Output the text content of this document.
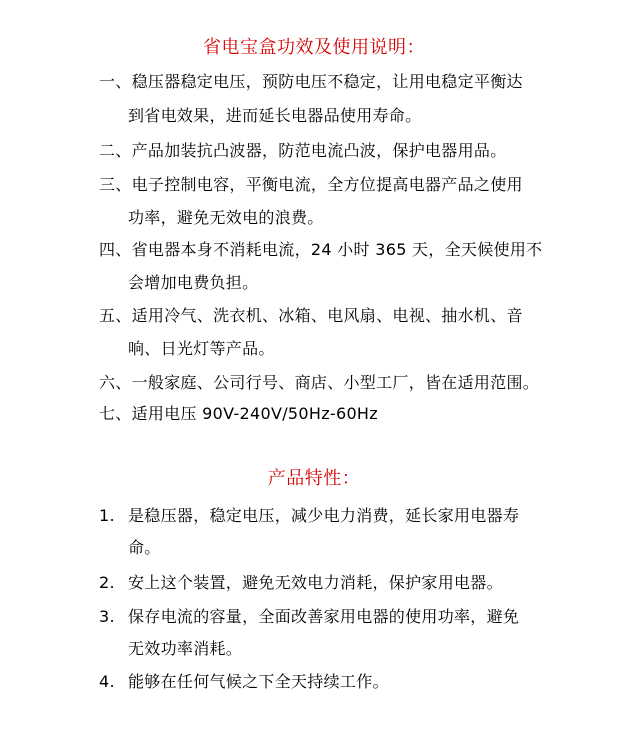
省电宝盒功效及使用说明：
一、稳压器稳定电压，预防电压不稳定，让用电稳定平衡达
到省电效果，进而延长电器品使用寿命。
二、产品加装抗凸波器，防范电流凸波，保护电器用品。
三、电子控制电容，平衡电流，全方位提高电器产品之使用
功率，避免无效电的浪费。
四、省电器本身不消耗电流，24 小时 365 天，全天候使用不
会增加电费负担。
五、适用冷气、洗衣机、冰箱、电风扇、电视、抽水机、音
响、日光灯等产品。
六、一般家庭、公司行号、商店、小型工厂，皆在适用范围。
七、适用电压 90V-240V/50Hz-60Hz
产品特性：
1. 是稳压器，稳定电压，减少电力消费，延长家用电器寿
命。
2. 安上这个装置，避免无效电力消耗，保护家用电器。
3. 保存电流的容量，全面改善家用电器的使用功率，避免
无效功率消耗。
4. 能够在任何气候之下全天持续工作。
